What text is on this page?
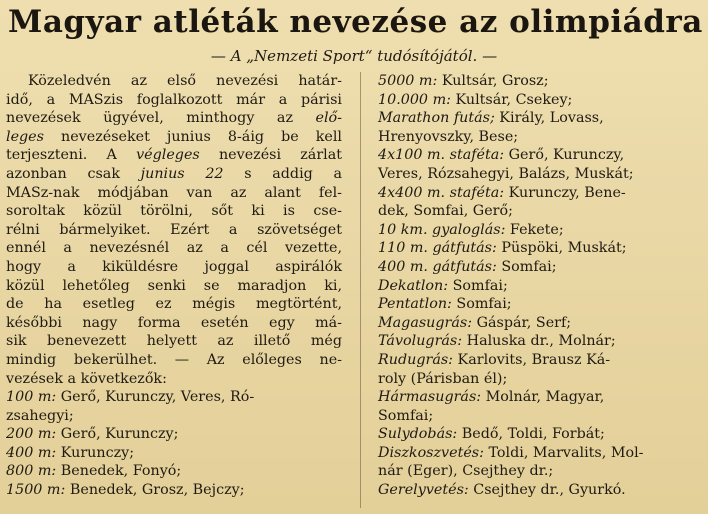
Magyar atléták nevezése az olimpiádra
— A „Nemzeti Sport“ tudósítójától. —
Közeledvén az első nevezési határ-
idő, a MASzis foglalkozott már a párisi
nevezések ügyével, minthogy az elő-
leges nevezéseket junius 8-áig be kell
terjeszteni. A végleges nevezési zárlat
azonban csak junius 22 s addig a
MASz-nak módjában van az alant fel-
soroltak közül törölni, sőt ki is cse-
rélni bármelyiket. Ezért a szövetséget
ennél a nevezésnél az a cél vezette,
hogy a kiküldésre joggal aspirálók
közül lehetőleg senki se maradjon ki,
de ha esetleg ez mégis megtörtént,
későbbi nagy forma esetén egy má-
sik benevezett helyett az illető még
mindig bekerülhet. — Az előleges ne-
vezések a következők:
100 m: Gerő, Kurunczy, Veres, Ró-
zsahegyi;
200 m: Gerő, Kurunczy;
400 m: Kurunczy;
800 m: Benedek, Fonyó;
1500 m: Benedek, Grosz, Bejczy;
5000 m: Kultsár, Grosz;
10.000 m: Kultsár, Csekey;
Marathon futás; Király, Lovass,
Hrenyovszky, Bese;
4x100 m. staféta: Gerő, Kurunczy,
Veres, Rózsahegyi, Balázs, Muskát;
4x400 m. staféta: Kurunczy, Bene-
dek, Somfai, Gerő;
10 km. gyaloglás: Fekete;
110 m. gátfutás: Püspöki, Muskát;
400 m. gátfutás: Somfai;
Dekatlon: Somfai;
Pentatlon: Somfai;
Magasugrás: Gáspár, Serf;
Távolugrás: Haluska dr., Molnár;
Rudugrás: Karlovits, Brausz Ká-
roly (Párisban él);
Hármasugrás: Molnár, Magyar,
Somfai;
Sulydobás: Bedő, Toldi, Forbát;
Diszkoszvetés: Toldi, Marvalits, Mol-
nár (Eger), Csejthey dr.;
Gerelyvetés: Csejthey dr., Gyurkó.
